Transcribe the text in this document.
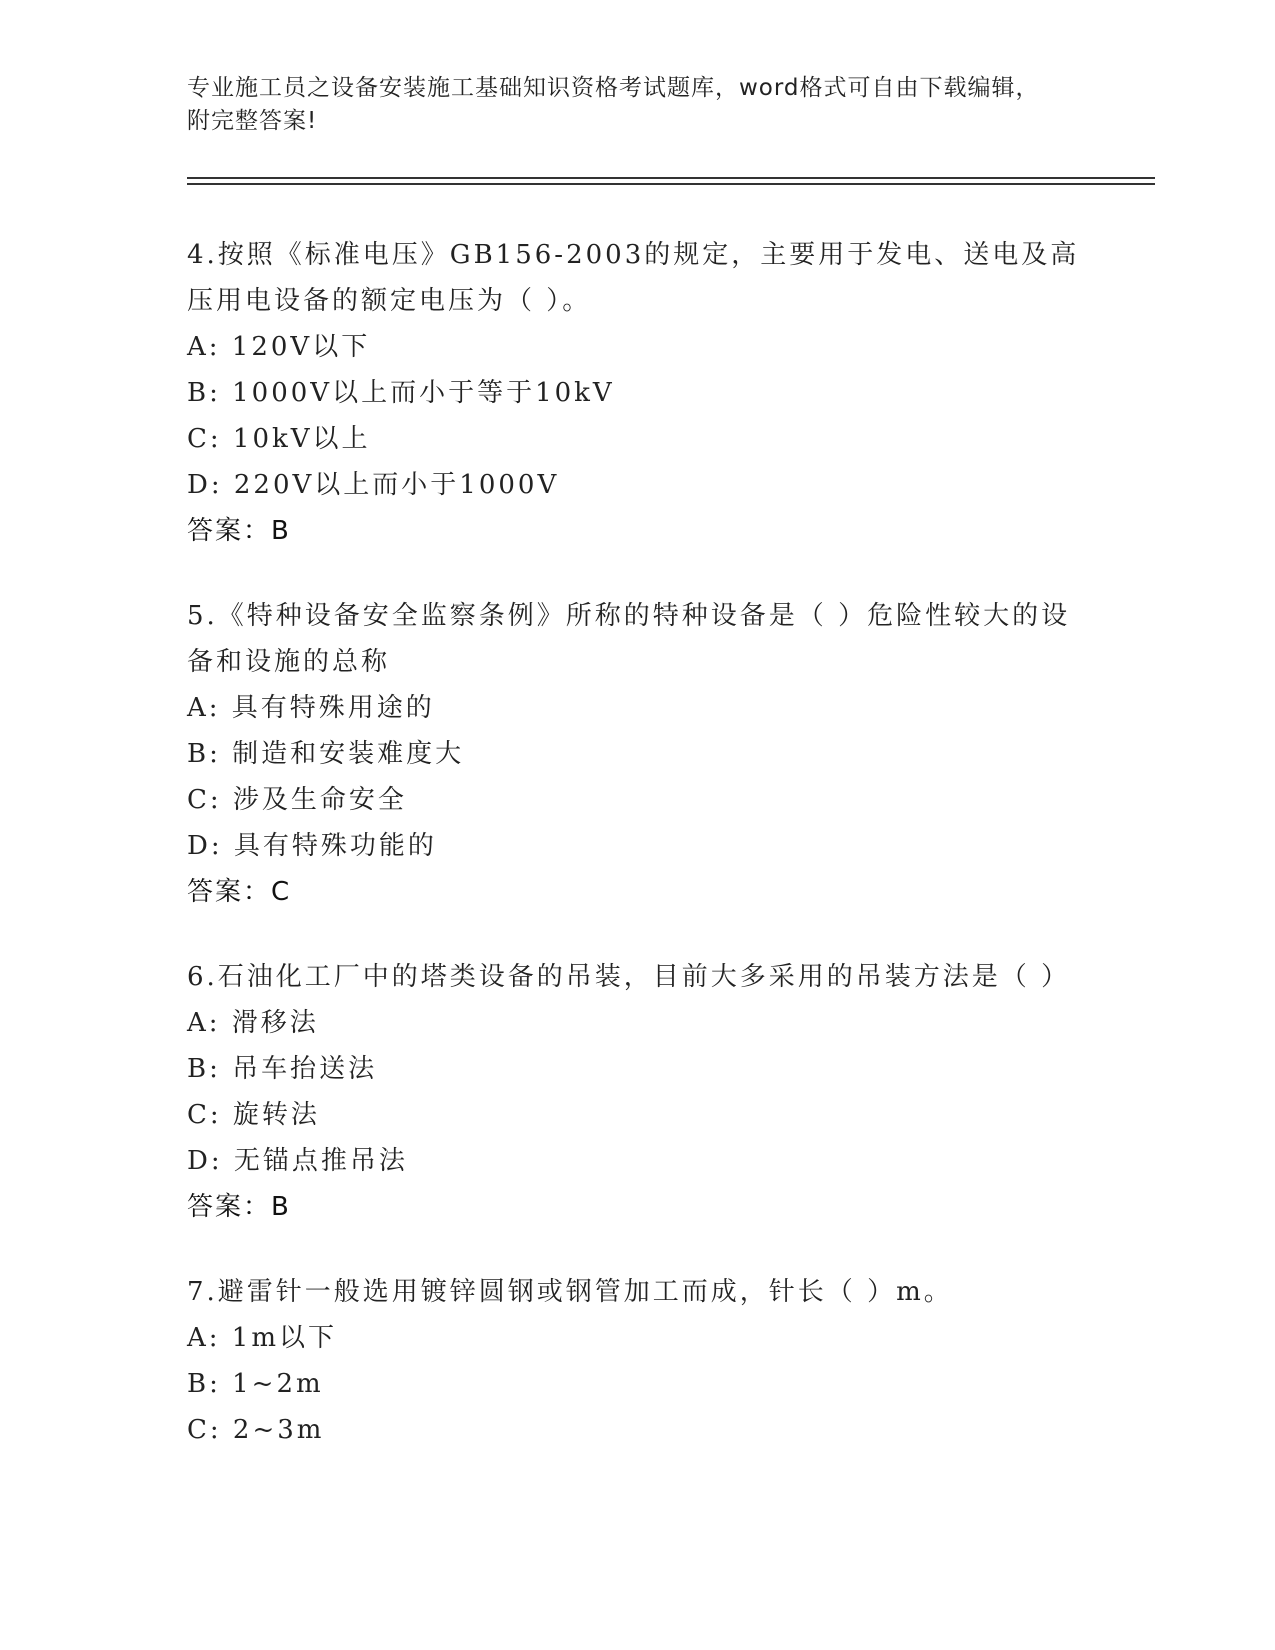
专业施工员之设备安装施工基础知识资格考试题库，word格式可自由下载编辑，
附完整答案!
4.按照《标准电压》GB156-2003的规定，主要用于发电、送电及高压用电设备的额定电压为（ ）。
A: 120V以下
B: 1000V以上而小于等于10kV
C: 10kV以上
D: 220V以上而小于1000V
答案：B
5.《特种设备安全监察条例》所称的特种设备是（ ）危险性较大的设备和设施的总称
A: 具有特殊用途的
B: 制造和安装难度大
C: 涉及生命安全
D: 具有特殊功能的
答案：C
6.石油化工厂中的塔类设备的吊装，目前大多采用的吊装方法是（ ）
A: 滑移法
B: 吊车抬送法
C: 旋转法
D: 无锚点推吊法
答案：B
7.避雷针一般选用镀锌圆钢或钢管加工而成，针长（ ）m。
A: 1m以下
B: 1~2m
C: 2~3m
